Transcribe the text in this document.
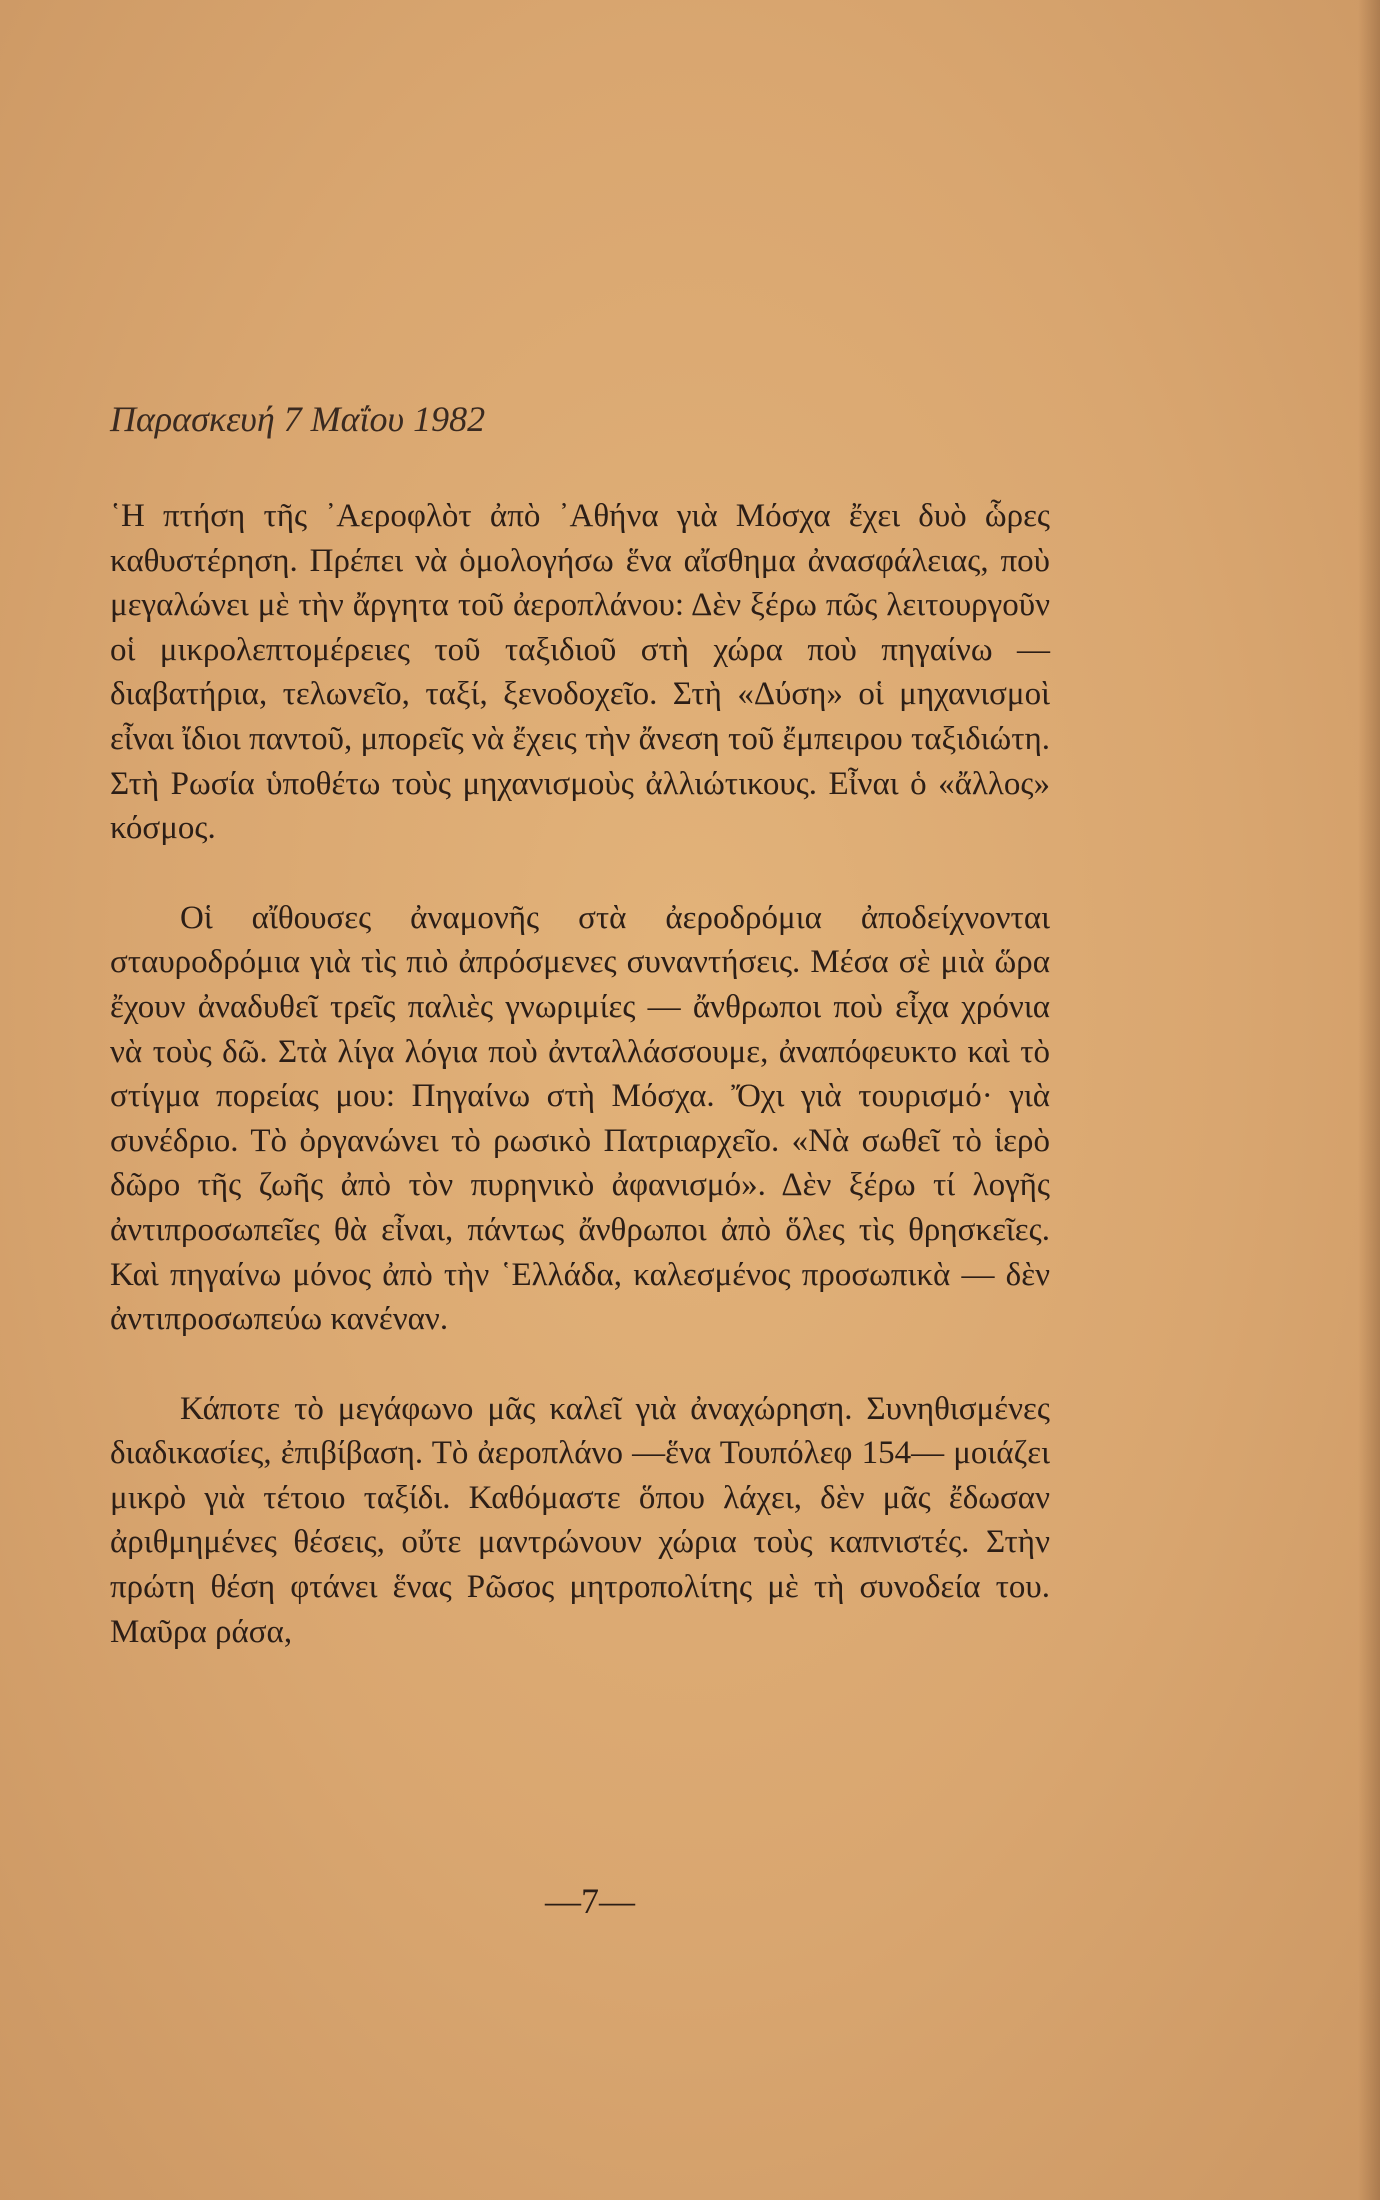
Παρασκευή 7 Μαΐου 1982

῾Η πτήση τῆς ᾿Αεροφλὸτ ἀπὸ ᾿Αθήνα γιὰ Μόσχα ἔχει δυὸ ὧρες καθυστέρηση. Πρέπει νὰ ὁμολογήσω ἕνα αἴσθημα ἀνασφάλειας, ποὺ μεγαλώνει μὲ τὴν ἄργητα τοῦ ἀεροπλάνου: Δὲν ξέρω πῶς λειτουργοῦν οἱ μικρολεπτομέρειες τοῦ ταξιδιοῦ στὴ χώρα ποὺ πηγαίνω — διαβατήρια, τελωνεῖο, ταξί, ξενοδοχεῖο. Στὴ «Δύση» οἱ μηχανισμοὶ εἶναι ἴδιοι παντοῦ, μπορεῖς νὰ ἔχεις τὴν ἄνεση τοῦ ἔμπειρου ταξιδιώτη. Στὴ Ρωσία ὑποθέτω τοὺς μηχανισμοὺς ἀλλιώτικους. Εἶναι ὁ «ἄλλος» κόσμος.

Οἱ αἴθουσες ἀναμονῆς στὰ ἀεροδρόμια ἀποδείχνονται σταυροδρόμια γιὰ τὶς πιὸ ἀπρόσμενες συναντήσεις. Μέσα σὲ μιὰ ὥρα ἔχουν ἀναδυθεῖ τρεῖς παλιὲς γνωριμίες — ἄνθρωποι ποὺ εἶχα χρόνια νὰ τοὺς δῶ. Στὰ λίγα λόγια ποὺ ἀνταλλάσσουμε, ἀναπόφευκτο καὶ τὸ στίγμα πορείας μου: Πηγαίνω στὴ Μόσχα. Ὄχι γιὰ τουρισμό· γιὰ συνέδριο. Τὸ ὀργανώνει τὸ ρωσικὸ Πατριαρχεῖο. «Νὰ σωθεῖ τὸ ἱερὸ δῶρο τῆς ζωῆς ἀπὸ τὸν πυρηνικὸ ἀφανισμό». Δὲν ξέρω τί λογῆς ἀντιπροσωπεῖες θὰ εἶναι, πάντως ἄνθρωποι ἀπὸ ὅλες τὶς θρησκεῖες. Καὶ πηγαίνω μόνος ἀπὸ τὴν ῾Ελλάδα, καλεσμένος προσωπικὰ — δὲν ἀντιπροσωπεύω κανέναν.

Κάποτε τὸ μεγάφωνο μᾶς καλεῖ γιὰ ἀναχώρηση. Συνηθισμένες διαδικασίες, ἐπιβίβαση. Τὸ ἀεροπλάνο —ἕνα Τουπόλεφ 154— μοιάζει μικρὸ γιὰ τέτοιο ταξίδι. Καθόμαστε ὅπου λάχει, δὲν μᾶς ἔδωσαν ἀριθμημένες θέσεις, οὔτε μαντρώνουν χώρια τοὺς καπνιστές. Στὴν πρώτη θέση φτάνει ἕνας Ρῶσος μητροπολίτης μὲ τὴ συνοδεία του. Μαῦρα ράσα,

—7—
